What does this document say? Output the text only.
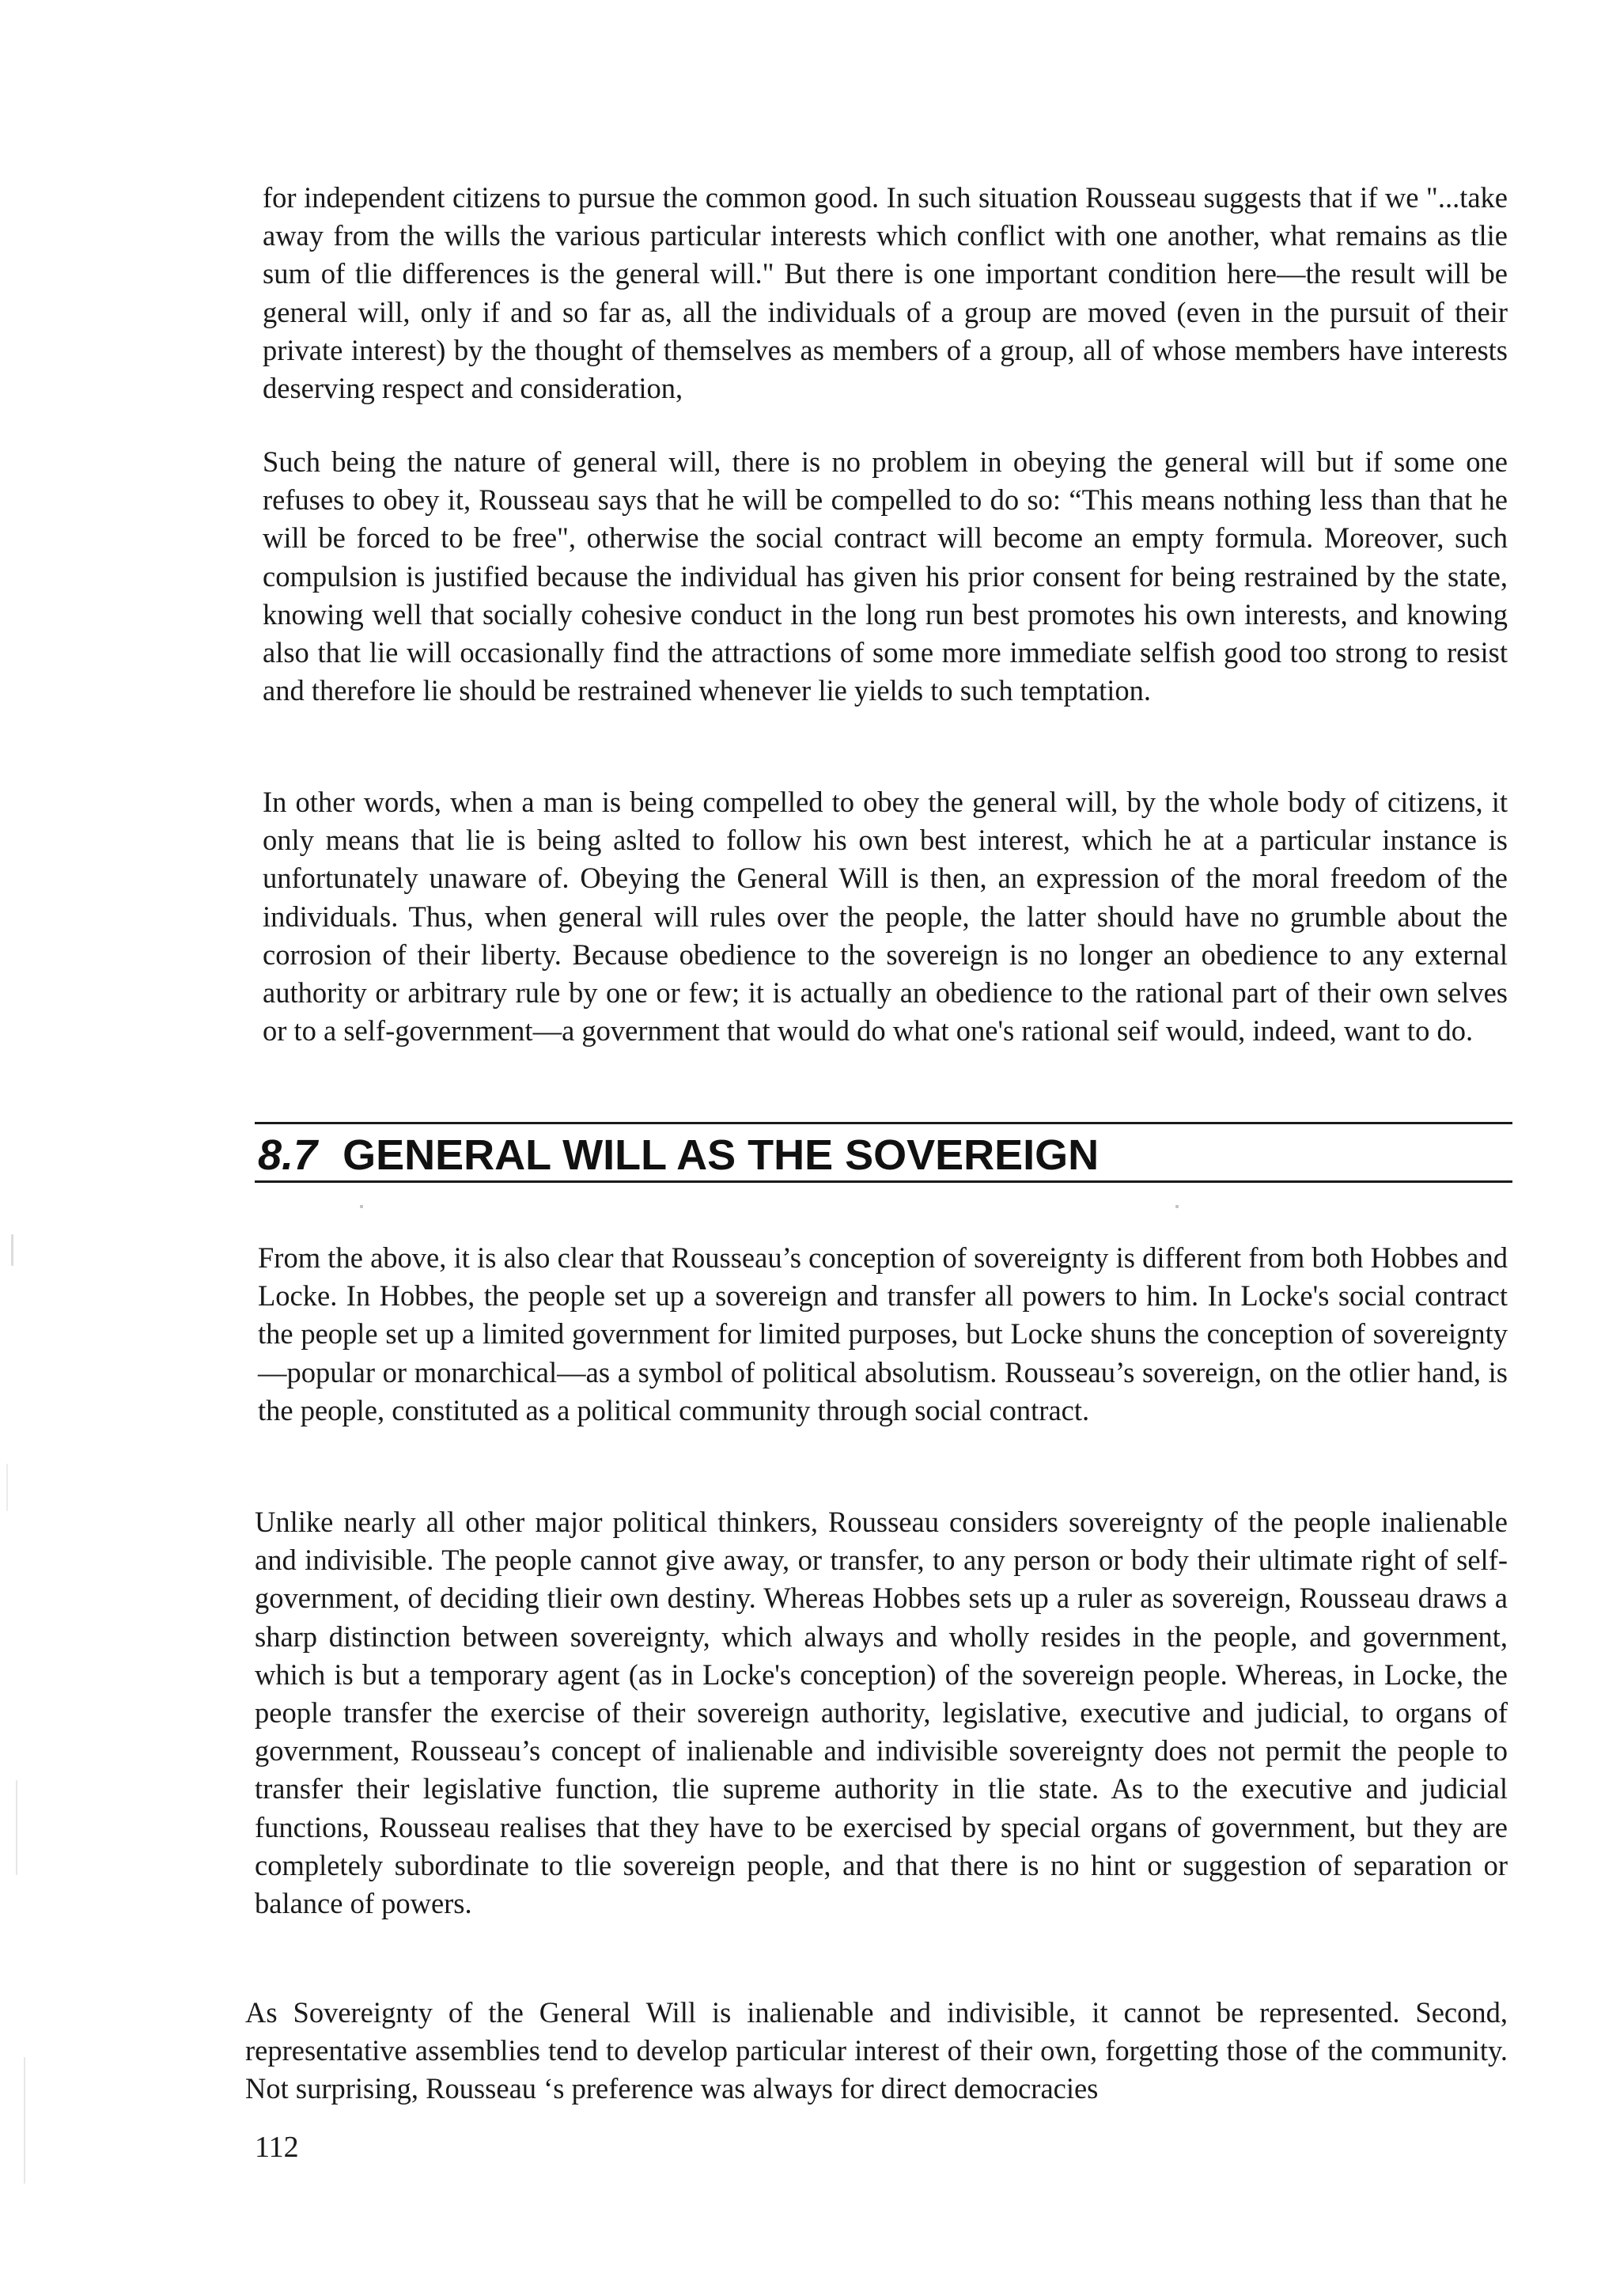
for independent citizens to pursue the common good. In such situation Rousseau suggests that if we "...take away from the wills the various particular interests which conflict with one another, what remains as tlie sum of tlie differences is the general will." But there is one important condition here—the result will be general will, only if and so far as, all the individuals of a group are moved (even in the pursuit of their private interest) by the thought of themselves as members of a group, all of whose members have interests deserving respect and consideration,

Such being the nature of general will, there is no problem in obeying the general will but if some one refuses to obey it, Rousseau says that he will be compelled to do so: “This means nothing less than that he will be forced to be free", otherwise the social contract will become an empty formula. Moreover, such compulsion is justified because the individual has given his prior consent for being restrained by the state, knowing well that socially cohesive conduct in the long run best promotes his own interests, and knowing also that lie will occasionally find the attractions of some more immediate selfish good too strong to resist and therefore lie should be restrained whenever lie yields to such temptation.

In other words, when a man is being compelled to obey the general will, by the whole body of citizens, it only means that lie is being aslted to follow his own best interest, which he at a particular instance is unfortunately unaware of. Obeying the General Will is then, an expression of the moral freedom of the individuals. Thus, when general will rules over the people, the latter should have no grumble about the corrosion of their liberty. Because obedience to the sovereign is no longer an obedience to any external authority or arbitrary rule by one or few; it is actually an obedience to the rational part of their own selves or to a self-government—a government that would do what one's rational seif would, indeed, want to do.

8.7 GENERAL WILL AS THE SOVEREIGN

From the above, it is also clear that Rousseau’s conception of sovereignty is different from both Hobbes and Locke. In Hobbes, the people set up a sovereign and transfer all powers to him. In Locke's social contract the people set up a limited government for limited purposes, but Locke shuns the conception of sovereignty—popular or monarchical—as a symbol of political absolutism. Rousseau’s sovereign, on the otlier hand, is the people, constituted as a political community through social contract.

Unlike nearly all other major political thinkers, Rousseau considers sovereignty of the people inalienable and indivisible. The people cannot give away, or transfer, to any person or body their ultimate right of self-government, of deciding tlieir own destiny. Whereas Hobbes sets up a ruler as sovereign, Rousseau draws a sharp distinction between sovereignty, which always and wholly resides in the people, and government, which is but a temporary agent (as in Locke's conception) of the sovereign people. Whereas, in Locke, the people transfer the exercise of their sovereign authority, legislative, executive and judicial, to organs of government, Rousseau’s concept of inalienable and indivisible sovereignty does not permit the people to transfer their legislative function, tlie supreme authority in tlie state. As to the executive and judicial functions, Rousseau realises that they have to be exercised by special organs of government, but they are completely subordinate to tlie sovereign people, and that there is no hint or suggestion of separation or balance of powers.

As Sovereignty of the General Will is inalienable and indivisible, it cannot be represented. Second, representative assemblies tend to develop particular interest of their own, forgetting those of the community. Not surprising, Rousseau ‘s preference was always for direct democracies

112
